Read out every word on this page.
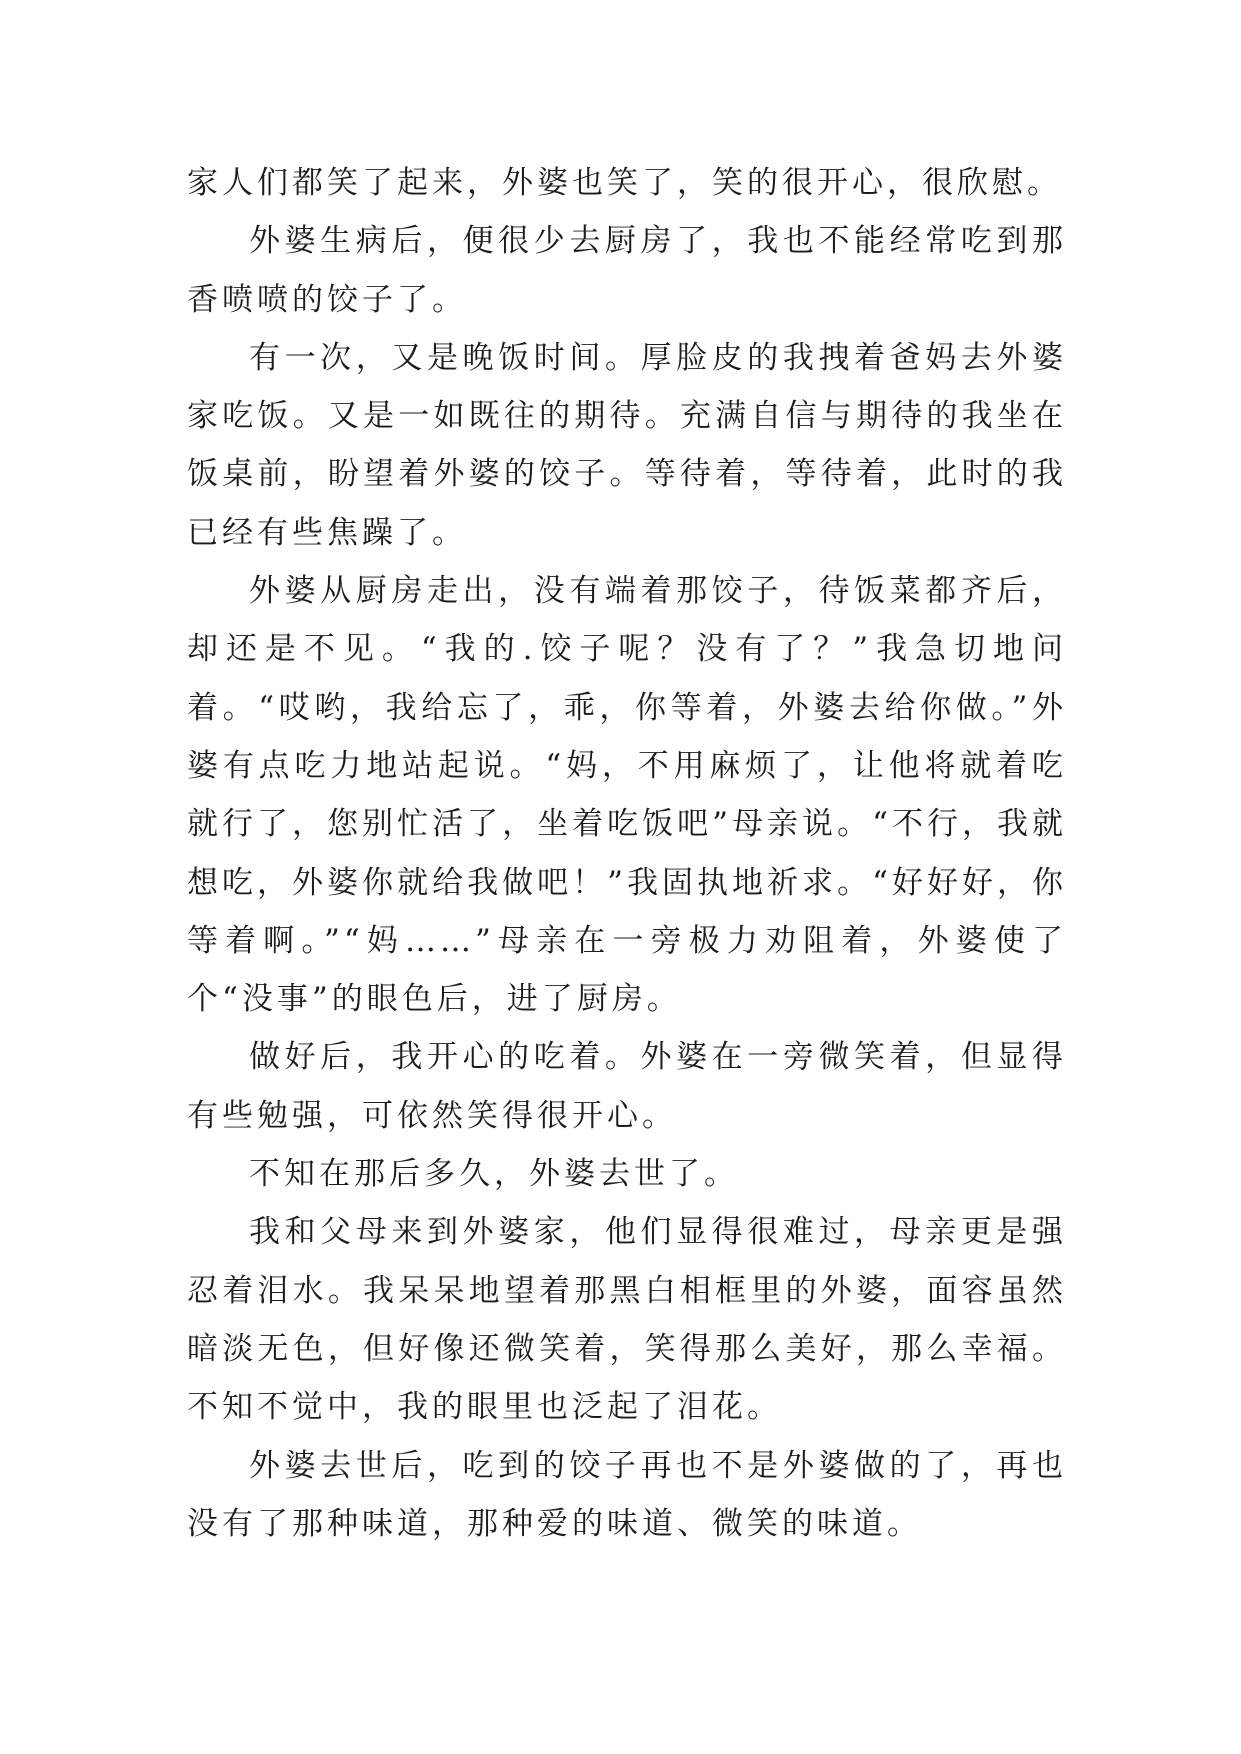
家人们都笑了起来，外婆也笑了，笑的很开心，很欣慰。

外婆生病后，便很少去厨房了，我也不能经常吃到那香喷喷的饺子了。

有一次，又是晚饭时间。厚脸皮的我拽着爸妈去外婆家吃饭。又是一如既往的期待。充满自信与期待的我坐在饭桌前，盼望着外婆的饺子。等待着，等待着，此时的我已经有些焦躁了。

外婆从厨房走出，没有端着那饺子，待饭菜都齐后，却还是不见。“我的.饺子呢？没有了？”我急切地问着。“哎哟，我给忘了，乖，你等着，外婆去给你做。”外婆有点吃力地站起说。“妈，不用麻烦了，让他将就着吃就行了，您别忙活了，坐着吃饭吧”母亲说。“不行，我就想吃，外婆你就给我做吧！”我固执地祈求。“好好好，你等着啊。”“妈……”母亲在一旁极力劝阻着，外婆使了个“没事”的眼色后，进了厨房。

做好后，我开心的吃着。外婆在一旁微笑着，但显得有些勉强，可依然笑得很开心。

不知在那后多久，外婆去世了。

我和父母来到外婆家，他们显得很难过，母亲更是强忍着泪水。我呆呆地望着那黑白相框里的外婆，面容虽然暗淡无色，但好像还微笑着，笑得那么美好，那么幸福。不知不觉中，我的眼里也泛起了泪花。

外婆去世后，吃到的饺子再也不是外婆做的了，再也没有了那种味道，那种爱的味道、微笑的味道。
